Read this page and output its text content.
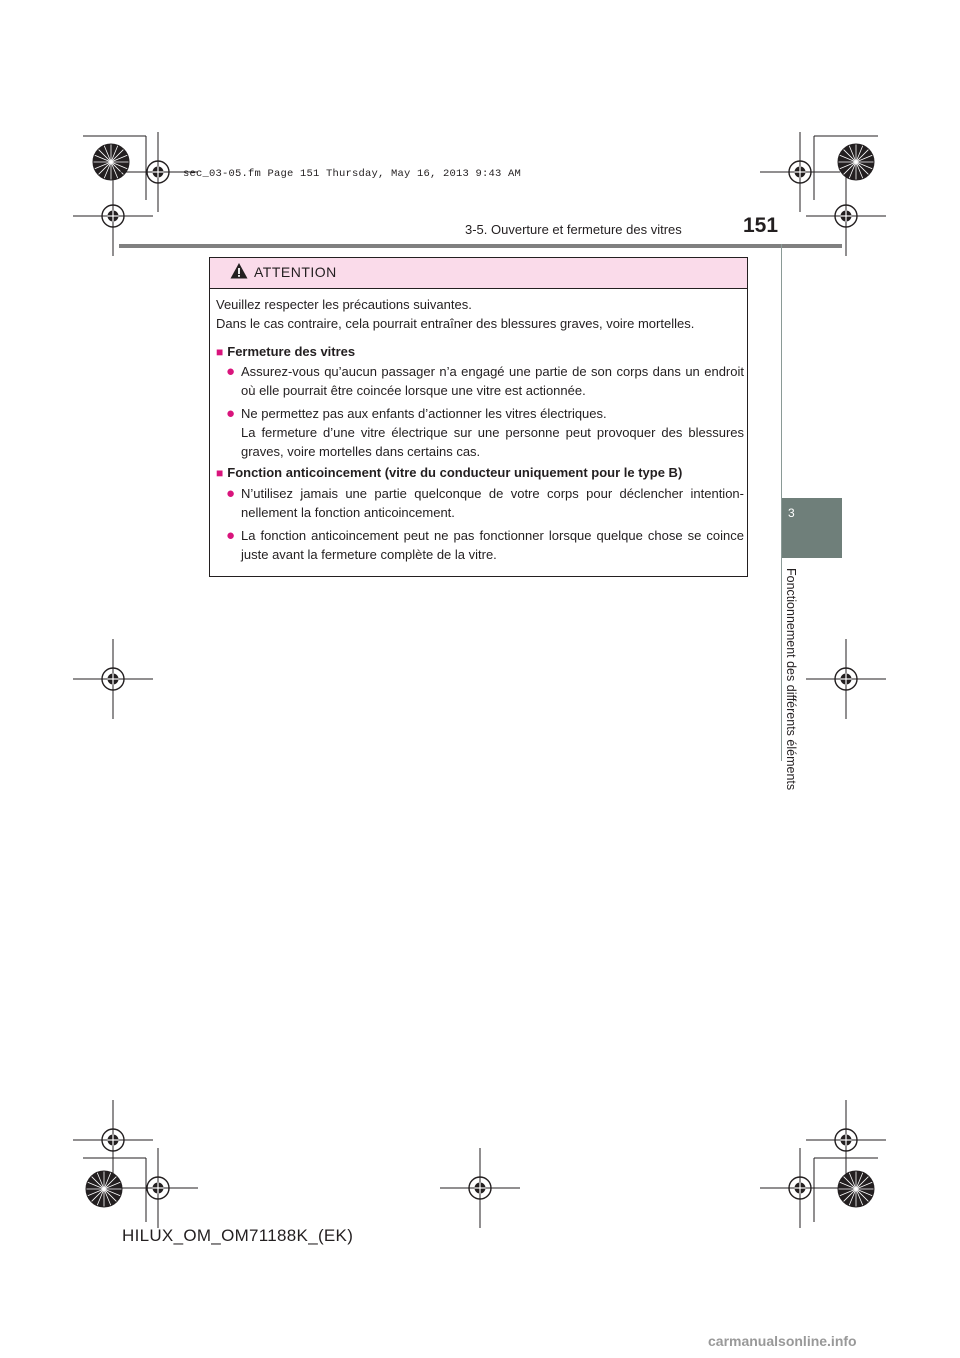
sec_03-05.fm Page 151 Thursday, May 16, 2013 9:43 AM
3-5. Ouverture et fermeture des vitres	151
3
Fonctionnement des différents éléments
ATTENTION
Veuillez respecter les précautions suivantes.
Dans le cas contraire, cela pourrait entraîner des blessures graves, voire mortelles.
■ Fermeture des vitres
● Assurez-vous qu’aucun passager n’a engagé une partie de son corps dans un endroit où elle pourrait être coincée lorsque une vitre est actionnée.
● Ne permettez pas aux enfants d’actionner les vitres électriques.
La fermeture d’une vitre électrique sur une personne peut provoquer des blessures graves, voire mortelles dans certains cas.
■ Fonction anticoincement (vitre du conducteur uniquement pour le type B)
● N’utilisez jamais une partie quelconque de votre corps pour déclencher intention-nellement la fonction anticoincement.
● La fonction anticoincement peut ne pas fonctionner lorsque quelque chose se coince juste avant la fermeture complète de la vitre.
HILUX_OM_OM71188K_(EK)
carmanualsonline.info
